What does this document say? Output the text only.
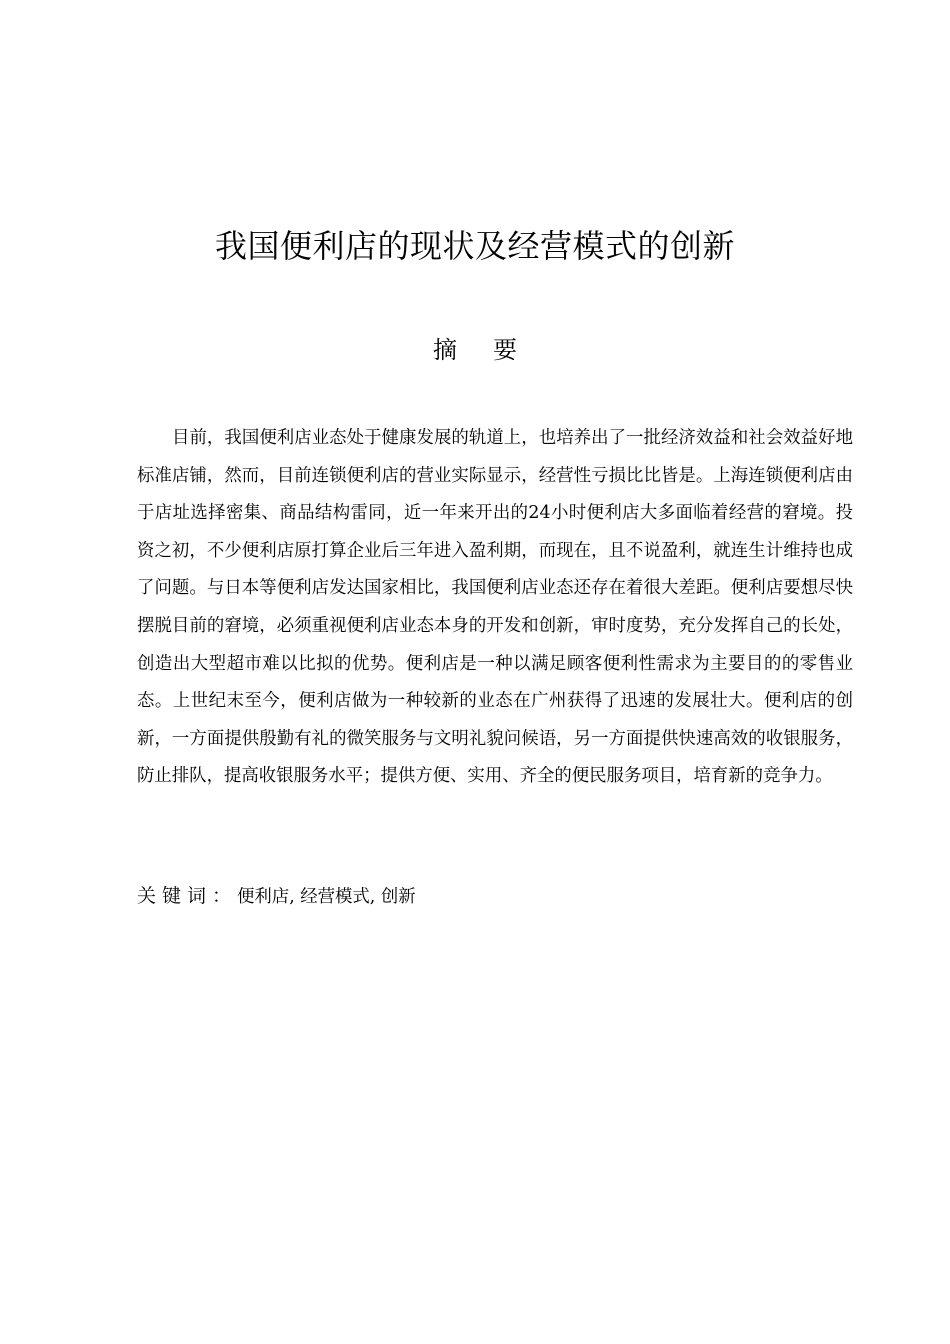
我国便利店的现状及经营模式的创新
摘要
目前，我国便利店业态处于健康发展的轨道上，也培养出了一批经济效益和社会效益好地标准店铺，然而，目前连锁便利店的营业实际显示，经营性亏损比比皆是。上海连锁便利店由于店址选择密集、商品结构雷同，近一年来开出的24小时便利店大多面临着经营的窘境。投资之初，不少便利店原打算企业后三年进入盈利期，而现在，且不说盈利，就连生计维持也成了问题。与日本等便利店发达国家相比，我国便利店业态还存在着很大差距。便利店要想尽快摆脱目前的窘境，必须重视便利店业态本身的开发和创新，审时度势，充分发挥自己的长处，创造出大型超市难以比拟的优势。便利店是一种以满足顾客便利性需求为主要目的的零售业态。上世纪末至今，便利店做为一种较新的业态在广州获得了迅速的发展壮大。便利店的创新，一方面提供殷勤有礼的微笑服务与文明礼貌问候语，另一方面提供快速高效的收银服务，防止排队，提高收银服务水平；提供方便、实用、齐全的便民服务项目，培育新的竞争力。
关键词：便利店, 经营模式, 创新
